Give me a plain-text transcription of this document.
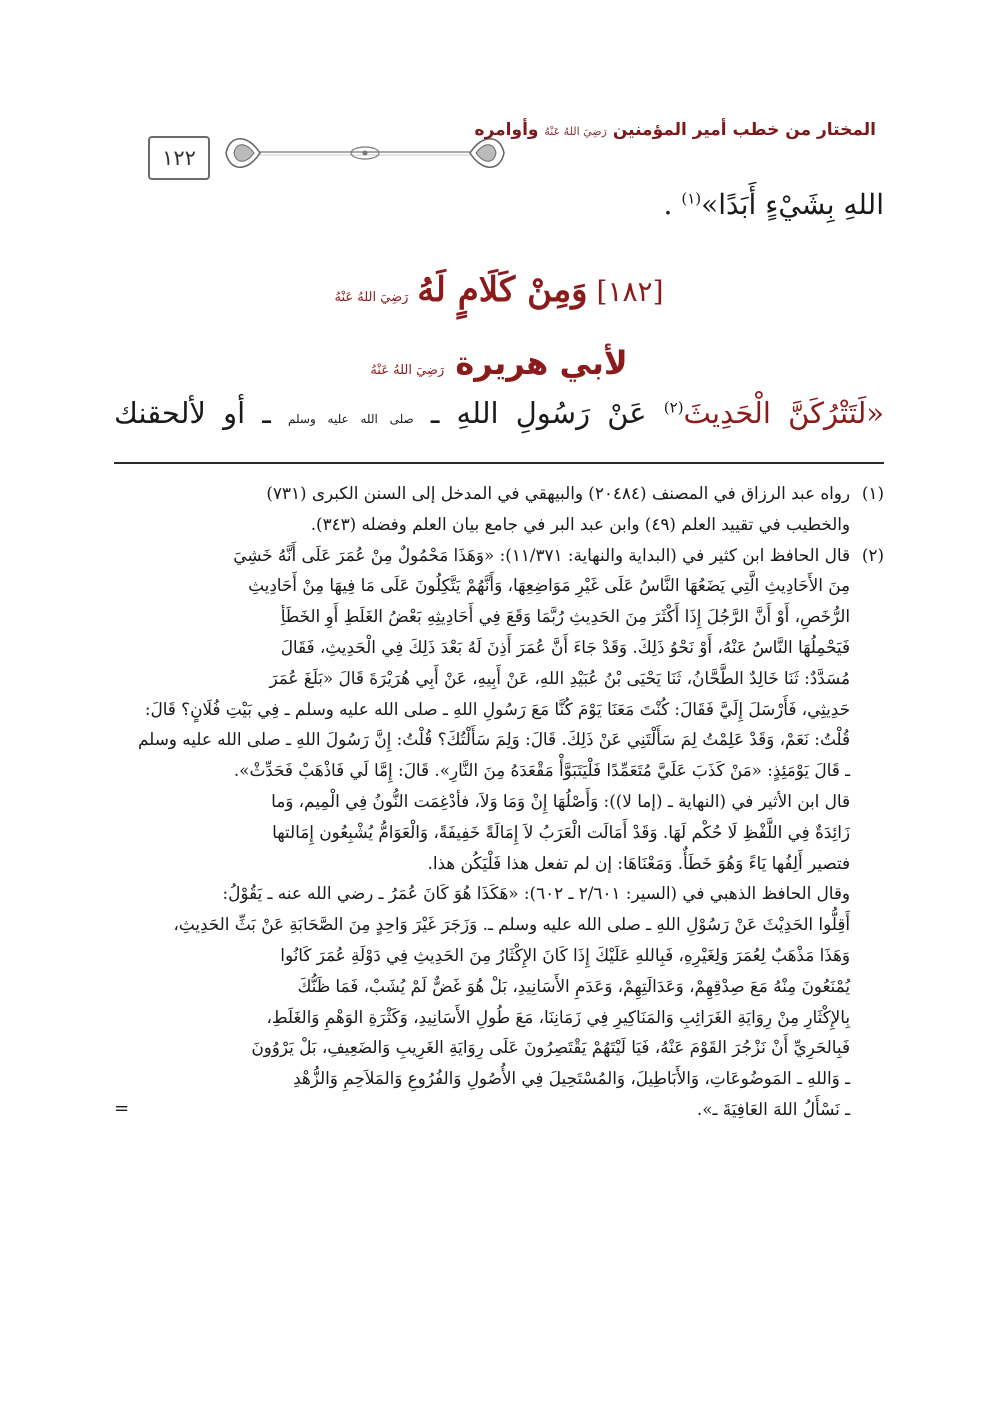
١٢٢
المختار من خطب أمير المؤمنين رَضِيَ اللهُ عَنْهُ وأوامره
اللهِ بِشَيْءٍ أَبَدًا»$^{(١)}$ .
[١٨٢] وَمِنْ كَلَامٍ لَهُ رَضِيَ اللهُ عَنْهُ
لأبي هريرة رَضِيَ اللهُ عَنْهُ
«لَتَتْرُكَنَّ الْحَدِيثَ$^{(٢)}$ عَنْ رَسُولِ اللهِ ـ صلى الله عليه وسلم ـ أو لألحقنك

(١)رواه عبد الرزاق في المصنف (٢٠٤٨٤) والبيهقي في المدخل إلى السنن الكبرى (٧٣١)

والخطيب في تقييد العلم (٤٩) وابن عبد البر في جامع بيان العلم وفضله (٣٤٣).

(٢)قال الحافظ ابن كثير في (البداية والنهاية: ١١/٣٧١): «وَهَذَا مَحْمُولٌ مِنْ عُمَرَ عَلَى أَنَّهُ خَشِيَ

مِنَ الأَحَادِيثِ الَّتِي يَضَعُهَا النَّاسُ عَلَى غَيْرِ مَوَاضِعِهَا، وَأَنَّهُمْ يَتَّكِلُونَ عَلَى مَا فِيهَا مِنْ أَحَادِيثِ

الرُّخَصِ، أَوْ أَنَّ الرَّجُلَ إِذَا أَكْثَرَ مِنَ الحَدِيثِ رُبَّمَا وَقَعَ فِي أَحَادِيثِهِ بَعْضُ الغَلَطِ أَوِ الخَطَأِ

فَيَحْمِلُهَا النَّاسُ عَنْهُ، أَوْ نَحْوُ ذَلِكَ. وَقَدْ جَاءَ أَنَّ عُمَرَ أَذِنَ لَهُ بَعْدَ ذَلِكَ فِي الْحَدِيثِ، فَقَالَ

مُسَدَّدٌ: ثَنَا خَالِدٌ الطَّحَّانُ، ثَنَا يَحْيَى بْنُ عُبَيْدِ اللهِ، عَنْ أَبِيهِ، عَنْ أَبِي هُرَيْرَةَ قَالَ «بَلَغَ عُمَرَ

حَدِيثِي، فَأَرْسَلَ إِلَيَّ فَقَالَ: كُنْتَ مَعَنَا يَوْمَ كُنَّا مَعَ رَسُولِ اللهِ ـ صلى الله عليه وسلم ـ فِي بَيْتِ فُلَانٍ؟ قَالَ:

قُلْتُ: نَعَمْ، وَقَدْ عَلِمْتُ لِمَ سَأَلْتَنِي عَنْ ذَلِكَ. قَالَ: وَلِمَ سَأَلْتُكَ؟ قُلْتُ: إِنَّ رَسُولَ اللهِ ـ صلى الله عليه وسلم

ـ قَالَ يَوْمَئِذٍ: «مَنْ كَذَبَ عَلَيَّ مُتَعَمِّدًا فَلْيَتَبَوَّأْ مَقْعَدَهُ مِنَ النَّارِ». قَالَ: إِمَّا لَي فَاذْهَبْ فَحَدِّثْ».

قال ابن الأثير في (النهاية ـ (إما لا)): وَأَصْلُهَا إِنْ وَمَا وَلاَ، فأدْغِمَت النُّونُ فِي الْمِيم، وَما

زَائِدَةٌ فِي اللَّفْظِ لَا حُكْم لَهَا. وَقَدْ أَمَالَت الْعَرَبُ لاَ إِمَالَةً خَفِيفَةً، وَالْعَوَامُّ يُشْبِعُون إِمَالتها

فتصير أَلِفُها يَاءً وَهُوَ خَطَأٌ. وَمَعْنَاهَا: إن لم تفعل هذا فَلْيَكُن هذا.

وقال الحافظ الذهبي في (السير: ٢/٦٠١ ـ ٦٠٢): «هَكَذَا هُوَ كَانَ عُمَرُ ـ رضي الله عنه ـ يَقُوْلُ:

أَقِلُّوا الحَدِيْثَ عَنْ رَسُوْلِ اللهِ ـ صلى الله عليه وسلم ـ. وَزَجَرَ غَيْرَ وَاحِدٍ مِنَ الصَّحَابَةِ عَنْ بَثِّ الحَدِيثِ،

وَهَذَا مَذْهَبٌ لِعُمَرَ وَلِغَيْرِهِ، فَبِاللهِ عَلَيْكَ إِذَا كَانَ الإِكْثَارُ مِنَ الحَدِيثِ فِي دَوْلَةِ عُمَرَ كَانُوا

يُمْنَعُونَ مِنْهُ مَعَ صِدْقِهِمْ، وَعَدَالَتِهِمْ، وَعَدَمِ الأَسَانِيدِ، بَلْ هُوَ غَضٌّ لَمْ يُشَبْ، فَمَا ظَنُّكَ

بِالإِكْثَارِ مِنْ رِوَايَةِ الغَرَائِبِ وَالمَنَاكِيرِ فِي زَمَانِنَا، مَعَ طُولِ الأَسَانِيدِ، وَكَثْرَةِ الوَهْمِ وَالغَلَطِ،

فَبِالحَرِيِّ أَنْ نَزْجُرَ القَوْمَ عَنْهُ، فَيَا لَيْتَهُمْ يَقْتَصِرُونَ عَلَى رِوَايَةِ الغَرِيبِ وَالضَعِيفِ، بَلْ يَرْوُونَ

ـ وَاللهِ ـ المَوضُوعَاتِ، وَالأَبَاطِيلَ، وَالمُسْتَحِيلَ فِي الأُصُولِ وَالفُرُوعِ وَالمَلاَحِمِ وَالزُّهْدِ

ـ نَسْأَلُ اللهَ العَافِيَةَ ـ».

=
